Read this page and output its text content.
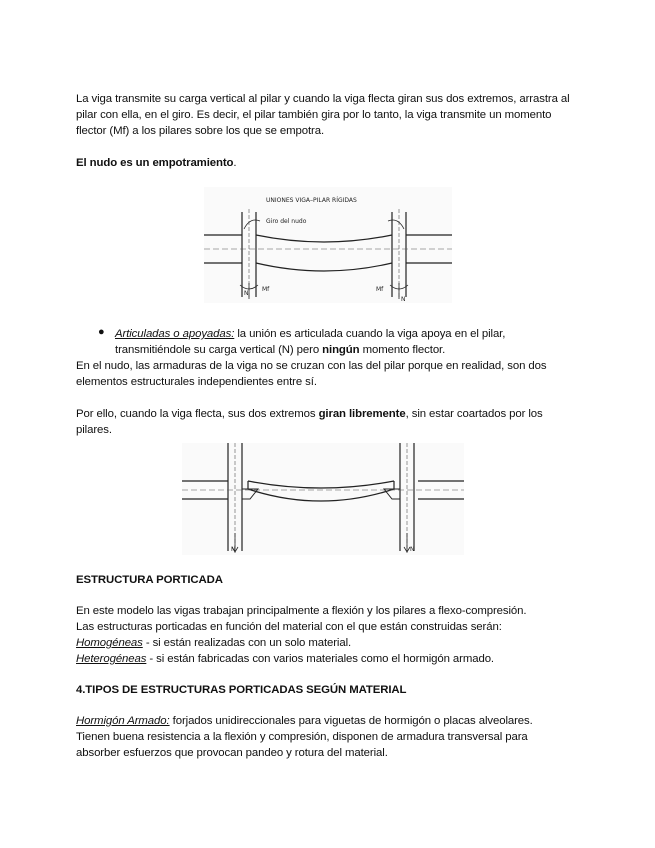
La viga transmite su carga vertical al pilar y cuando la viga flecta giran sus dos extremos, arrastra al pilar con ella, en el giro. Es decir, el pilar también gira por lo tanto, la viga transmite un momento flector (Mf) a los pilares sobre los que se empotra.

El nudo es un empotramiento.

UNIONES VIGA–PILAR RÍGIDAS
Giro del nudo
Mf	Mf
N
N
● Articuladas o apoyadas: la unión es articulada cuando la viga apoya en el pilar, transmitiéndole su carga vertical (N) pero ningún momento flector.

En el nudo, las armaduras de la viga no se cruzan con las del pilar porque en realidad, son dos elementos estructurales independientes entre sí.

Por ello, cuando la viga flecta, sus dos extremos giran libremente, sin estar coartados por los pilares.

N	N

ESTRUCTURA PORTICADA

En este modelo las vigas trabajan principalmente a flexión y los pilares a flexo-compresión.

Las estructuras porticadas en función del material con el que están construidas serán:

Homogéneas - si están realizadas con un solo material.

Heterogéneas - si están fabricadas con varios materiales como el hormigón armado.

4.TIPOS DE ESTRUCTURAS PORTICADAS SEGÚN MATERIAL

Hormigón Armado: forjados unidireccionales para viguetas de hormigón o placas alveolares. Tienen buena resistencia a la flexión y compresión, disponen de armadura transversal para absorber esfuerzos que provocan pandeo y rotura del material.
